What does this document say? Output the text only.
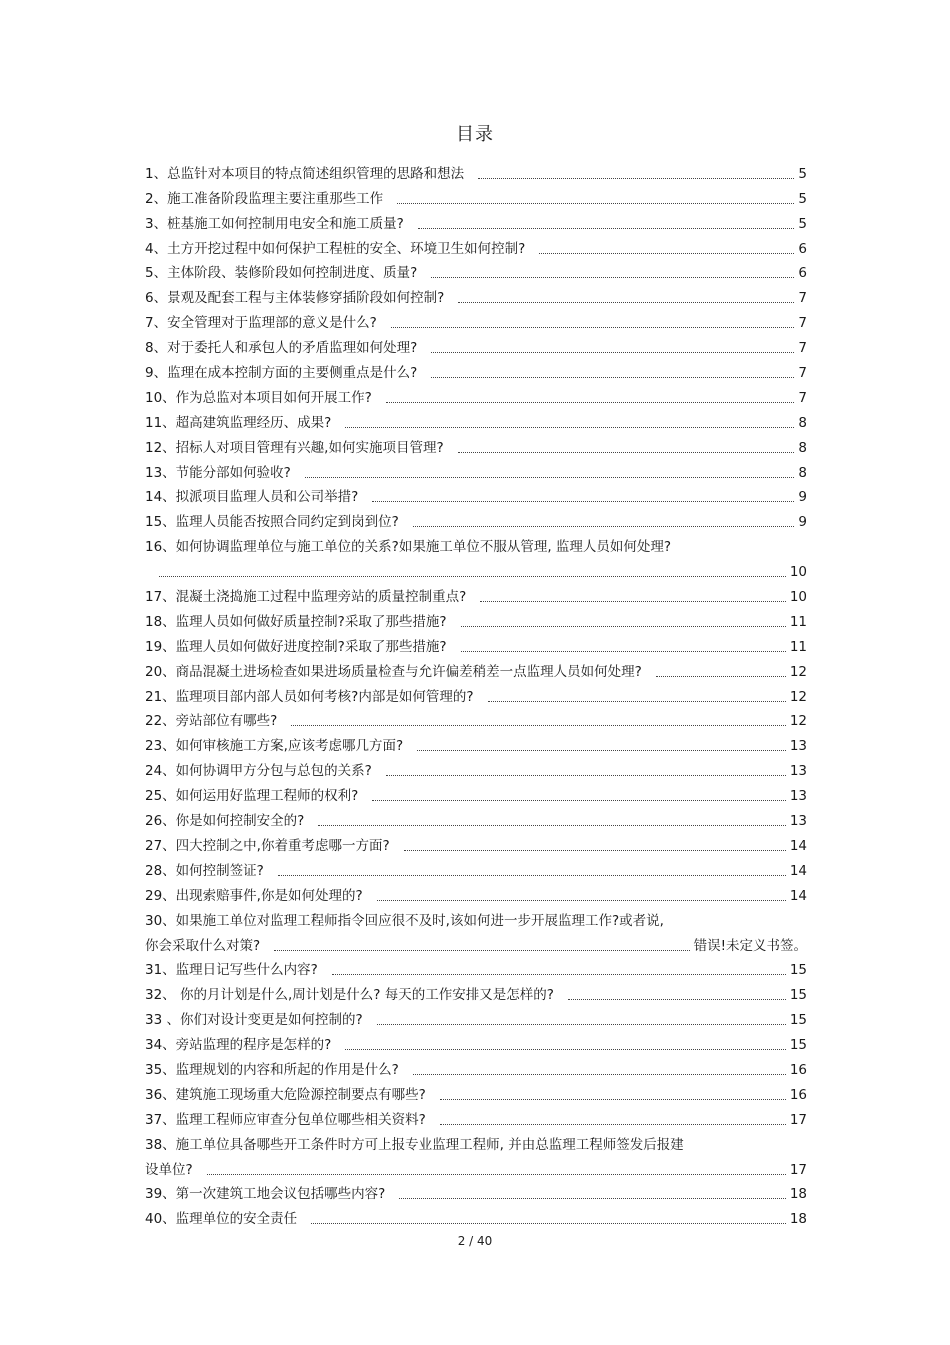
目录
1、总监针对本项目的特点简述组织管理的思路和想法	5
2、施工准备阶段监理主要注重那些工作	5
3、桩基施工如何控制用电安全和施工质量?	5
4、土方开挖过程中如何保护工程桩的安全、环境卫生如何控制?	6
5、主体阶段、装修阶段如何控制进度、质量?	6
6、景观及配套工程与主体装修穿插阶段如何控制?	7
7、安全管理对于监理部的意义是什么?	7
8、对于委托人和承包人的矛盾监理如何处理?	7
9、监理在成本控制方面的主要侧重点是什么?	7
10、作为总监对本项目如何开展工作?	7
11、超高建筑监理经历、成果?	8
12、招标人对项目管理有兴趣,如何实施项目管理?	8
13、节能分部如何验收?	8
14、拟派项目监理人员和公司举措?	9
15、监理人员能否按照合同约定到岗到位?	9
16、如何协调监理单位与施工单位的关系?如果施工单位不服从管理, 监理人员如何处理?
10
17、混凝土浇捣施工过程中监理旁站的质量控制重点?	10
18、监理人员如何做好质量控制?采取了那些措施?	11
19、监理人员如何做好进度控制?采取了那些措施?	11
20、商品混凝土进场检查如果进场质量检查与允许偏差稍差一点监理人员如何处理?	12
21、监理项目部内部人员如何考核?内部是如何管理的?	12
22、旁站部位有哪些?	12
23、如何审核施工方案,应该考虑哪几方面?	13
24、如何协调甲方分包与总包的关系?	13
25、如何运用好监理工程师的权利?	13
26、你是如何控制安全的?	13
27、四大控制之中,你着重考虑哪一方面?	14
28、如何控制签证?	14
29、出现索赔事件,你是如何处理的?	14
30、如果施工单位对监理工程师指令回应很不及时,该如何进一步开展监理工作?或者说,
你会采取什么对策?	错误!未定义书签。
31、监理日记写些什么内容?	15
32、 你的月计划是什么,周计划是什么? 每天的工作安排又是怎样的?	15
33 、你们对设计变更是如何控制的?	15
34、旁站监理的程序是怎样的?	15
35、监理规划的内容和所起的作用是什么?	16
36、建筑施工现场重大危险源控制要点有哪些?	16
37、监理工程师应审查分包单位哪些相关资料?	17
38、施工单位具备哪些开工条件时方可上报专业监理工程师, 并由总监理工程师签发后报建
设单位?	17
39、第一次建筑工地会议包括哪些内容?	18
40、监理单位的安全责任	18
2 / 40
